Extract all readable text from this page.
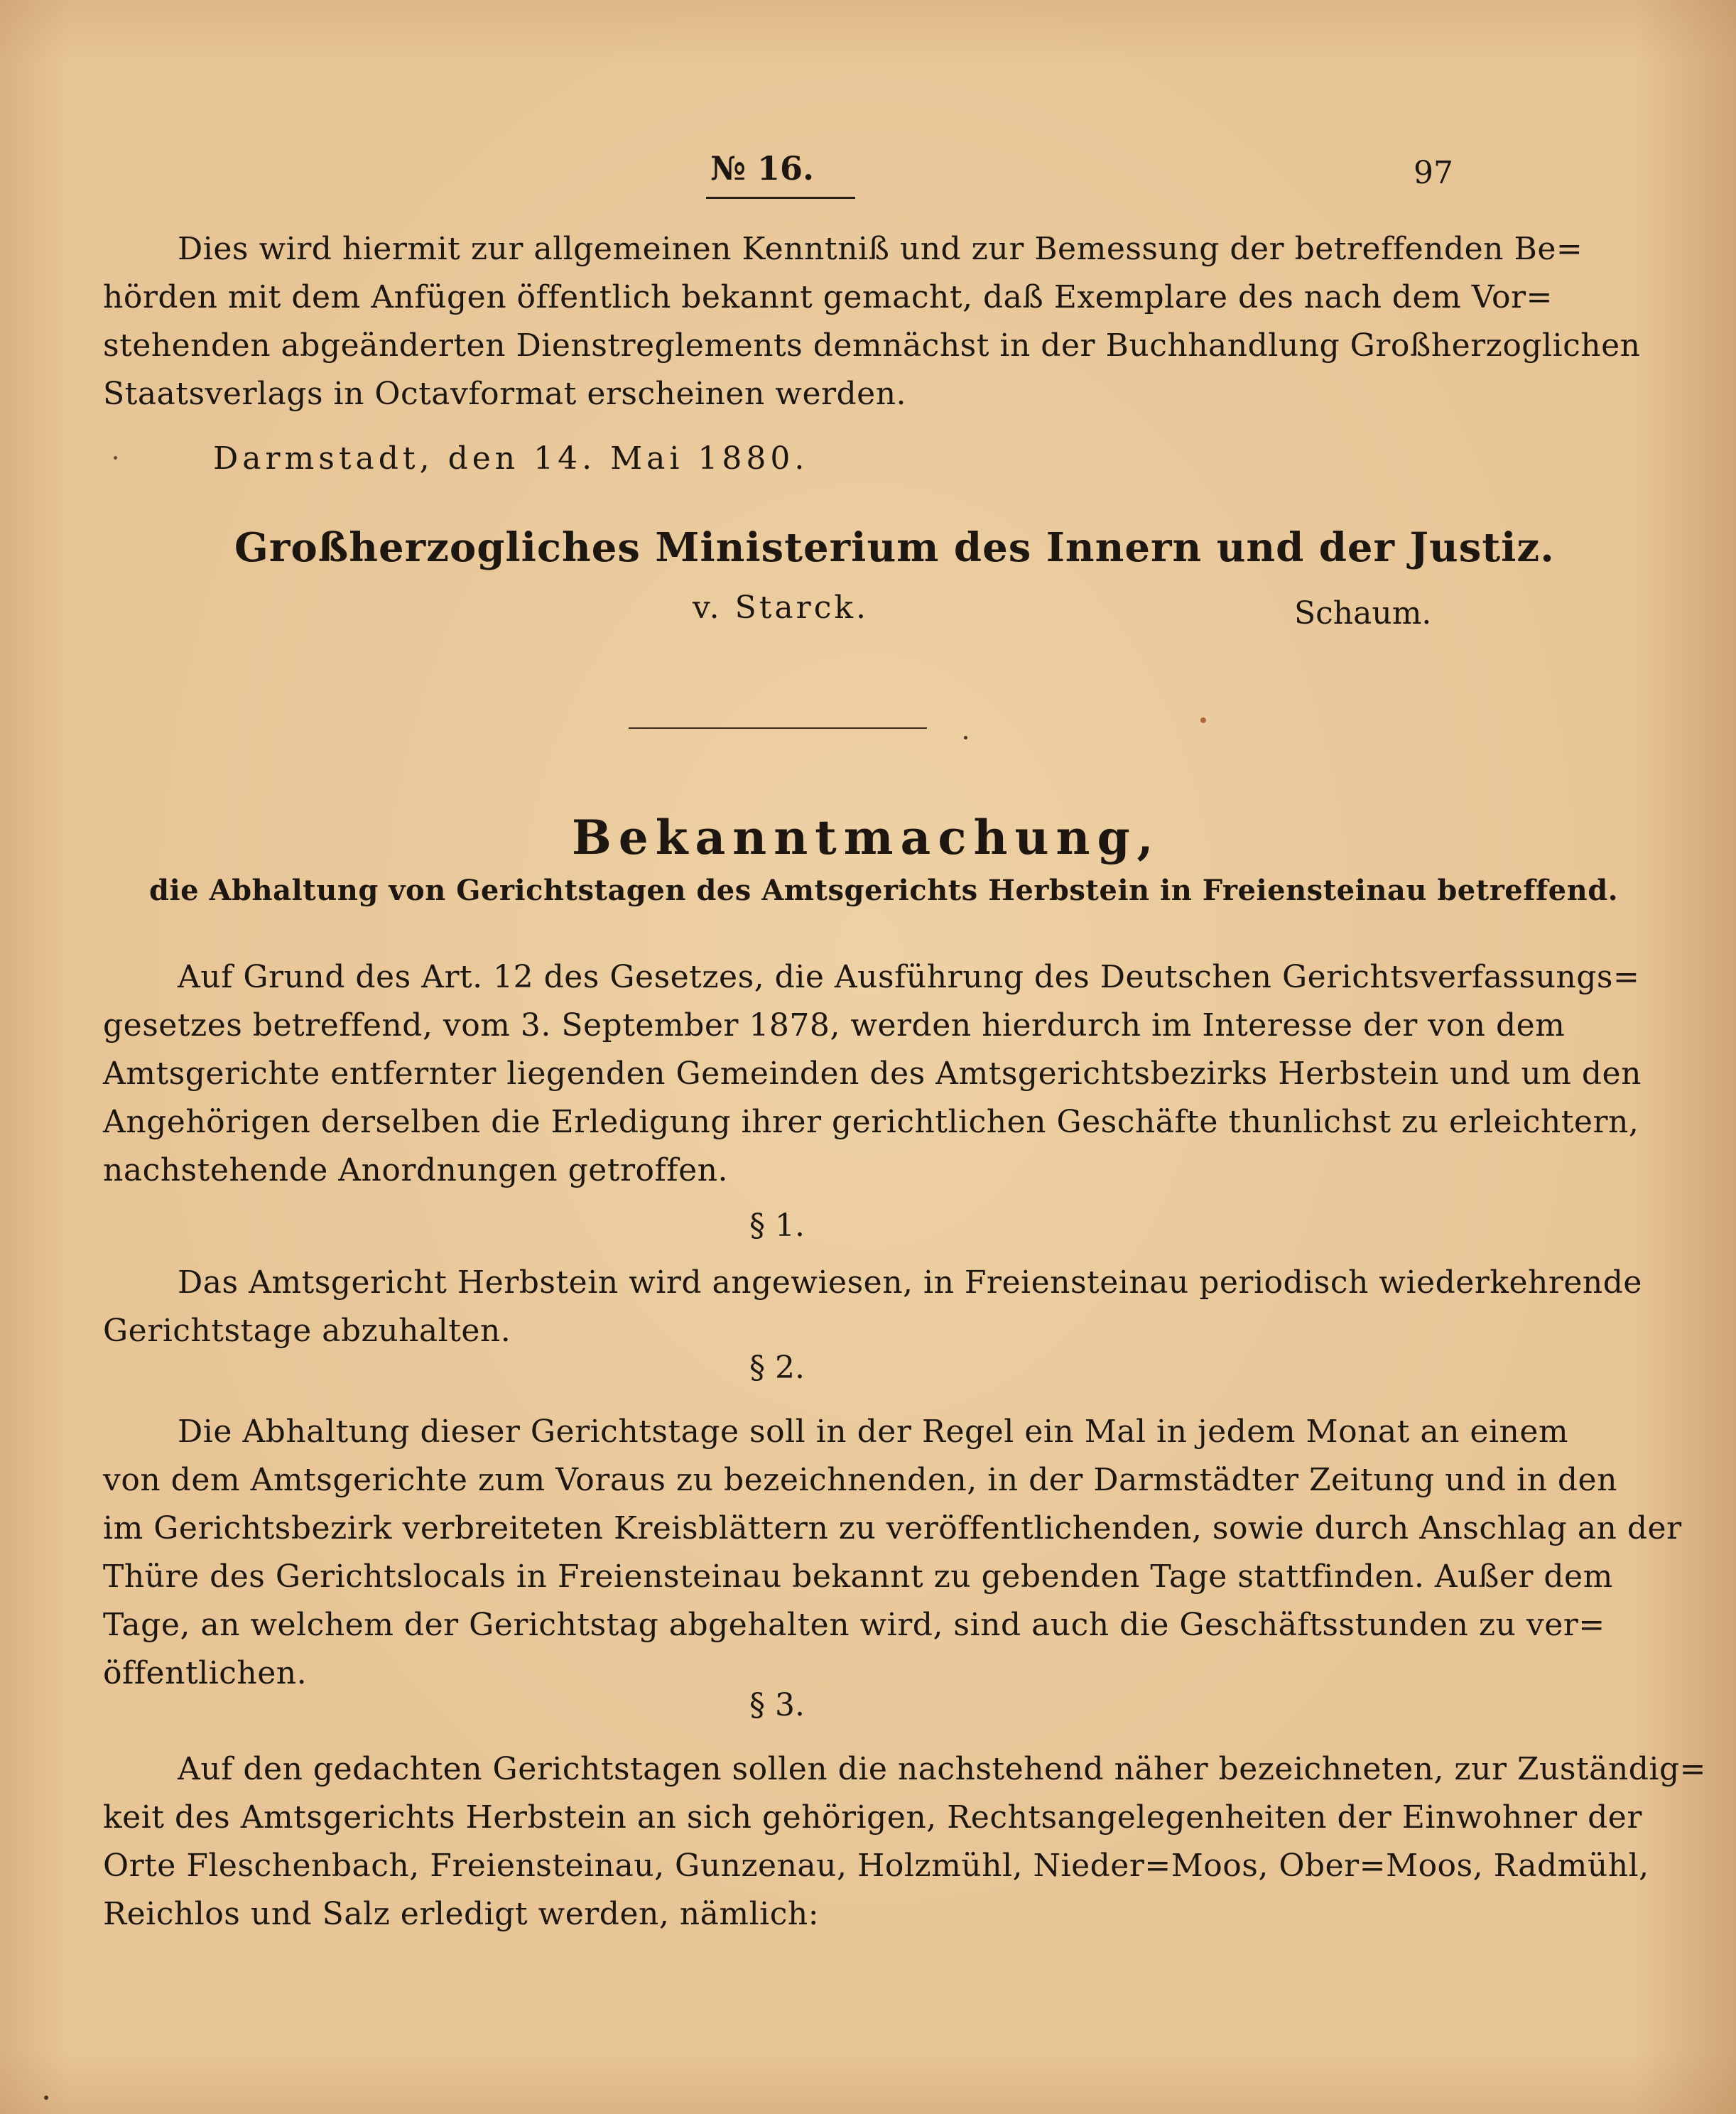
№ 16.	97
Dies wird hiermit zur allgemeinen Kenntniß und zur Bemessung der betreffenden Be=
hörden mit dem Anfügen öffentlich bekannt gemacht, daß Exemplare des nach dem Vor=
stehenden abgeänderten Dienstreglements demnächst in der Buchhandlung Großherzoglichen
Staatsverlags in Octavformat erscheinen werden.
Darmstadt, den 14. Mai 1880.
Großherzogliches Ministerium des Innern und der Justiz.
v. Starck.	Schaum.
Bekanntmachung,
die Abhaltung von Gerichtstagen des Amtsgerichts Herbstein in Freiensteinau betreffend.
Auf Grund des Art. 12 des Gesetzes, die Ausführung des Deutschen Gerichtsverfassungs=
gesetzes betreffend, vom 3. September 1878, werden hierdurch im Interesse der von dem
Amtsgerichte entfernter liegenden Gemeinden des Amtsgerichtsbezirks Herbstein und um den
Angehörigen derselben die Erledigung ihrer gerichtlichen Geschäfte thunlichst zu erleichtern,
nachstehende Anordnungen getroffen.
§ 1.
Das Amtsgericht Herbstein wird angewiesen, in Freiensteinau periodisch wiederkehrende
Gerichtstage abzuhalten.
§ 2.
Die Abhaltung dieser Gerichtstage soll in der Regel ein Mal in jedem Monat an einem
von dem Amtsgerichte zum Voraus zu bezeichnenden, in der Darmstädter Zeitung und in den
im Gerichtsbezirk verbreiteten Kreisblättern zu veröffentlichenden, sowie durch Anschlag an der
Thüre des Gerichtslocals in Freiensteinau bekannt zu gebenden Tage stattfinden. Außer dem
Tage, an welchem der Gerichtstag abgehalten wird, sind auch die Geschäftsstunden zu ver=
öffentlichen.
§ 3.
Auf den gedachten Gerichtstagen sollen die nachstehend näher bezeichneten, zur Zuständig=
keit des Amtsgerichts Herbstein an sich gehörigen, Rechtsangelegenheiten der Einwohner der
Orte Fleschenbach, Freiensteinau, Gunzenau, Holzmühl, Nieder=Moos, Ober=Moos, Radmühl,
Reichlos und Salz erledigt werden, nämlich:
